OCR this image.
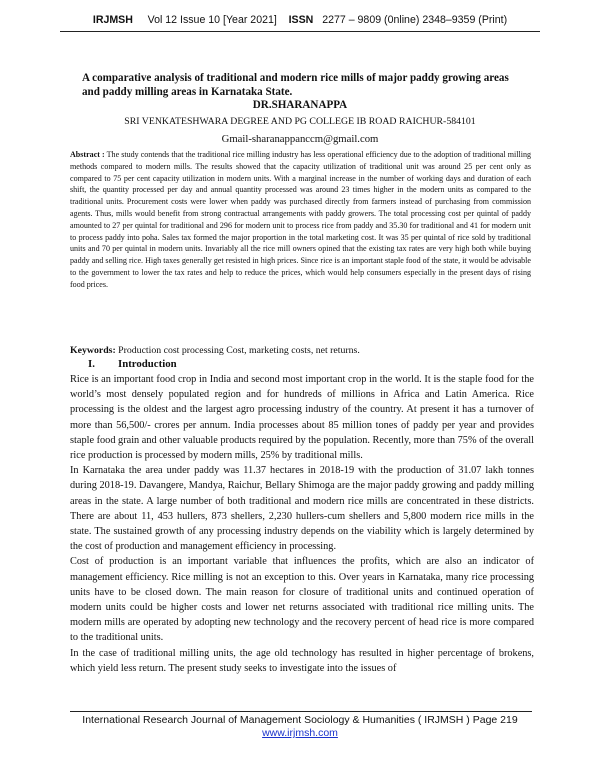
IRJMSH Vol 12 Issue 10 [Year 2021] ISSN 2277 – 9809 (0nline) 2348–9359 (Print)
A comparative analysis of traditional and modern rice mills of major paddy growing areas and paddy milling areas in Karnataka State.
DR.SHARANAPPA
SRI VENKATESHWARA DEGREE AND PG COLLEGE IB ROAD RAICHUR-584101
Gmail-sharanappanccm@gmail.com

Abstract : The study contends that the traditional rice milling industry has less operational efficiency due to the adoption of traditional milling methods compared to modern mills. The results showed that the capacity utilization of traditional unit was around 25 per cent only as compared to 75 per cent capacity utilization in modern units. With a marginal increase in the number of working days and duration of each shift, the quantity processed per day and annual quantity processed was around 23 times higher in the modern units as compared to the traditional units. Procurement costs were lower when paddy was purchased directly from farmers instead of purchasing from commission agents. Thus, mills would benefit from strong contractual arrangements with paddy growers. The total processing cost per quintal of paddy amounted to 27 per quintal for traditional and 296 for modern unit to process rice from paddy and 35.30 for traditional and 41 for modern unit to process paddy into poha. Sales tax formed the major proportion in the total marketing cost. It was 35 per quintal of rice sold by traditional units and 70 per quintal in modern units. Invariably all the rice mill owners opined that the existing tax rates are very high both while buying paddy and selling rice. High taxes generally get resisted in high prices. Since rice is an important staple food of the state, it would be advisable to the government to lower the tax rates and help to reduce the prices, which would help consumers especially in the present days of rising food prices.

Keywords: Production cost processing Cost, marketing costs, net returns.
I. Introduction

Rice is an important food crop in India and second most important crop in the world. It is the staple food for the world’s most densely populated region and for hundreds of millions in Africa and Latin America. Rice processing is the oldest and the largest agro processing industry of the country. At present it has a turnover of more than 56,500/- crores per annum. India processes about 85 million tones of paddy per year and provides staple food grain and other valuable products required by the population. Recently, more than 75% of the overall rice production is processed by modern mills, 25% by traditional mills.

In Karnataka the area under paddy was 11.37 hectares in 2018-19 with the production of 31.07 lakh tonnes during 2018-19. Davangere, Mandya, Raichur, Bellary Shimoga are the major paddy growing and paddy milling areas in the state. A large number of both traditional and modern rice mills are concentrated in these districts. There are about 11, 453 hullers, 873 shellers, 2,230 hullers-cum shellers and 5,800 modern rice mills in the state. The sustained growth of any processing industry depends on the viability which is largely determined by the cost of production and management efficiency in processing.

Cost of production is an important variable that influences the profits, which are also an indicator of management efficiency. Rice milling is not an exception to this. Over years in Karnataka, many rice processing units have to be closed down. The main reason for closure of traditional units and continued operation of modern units could be higher costs and lower net returns associated with traditional rice milling units. The modern mills are operated by adopting new technology and the recovery percent of head rice is more compared to the traditional units.

In the case of traditional milling units, the age old technology has resulted in higher percentage of brokens, which yield less return. The present study seeks to investigate into the issues of

International Research Journal of Management Sociology & Humanities ( IRJMSH ) Page 219
www.irjmsh.com
